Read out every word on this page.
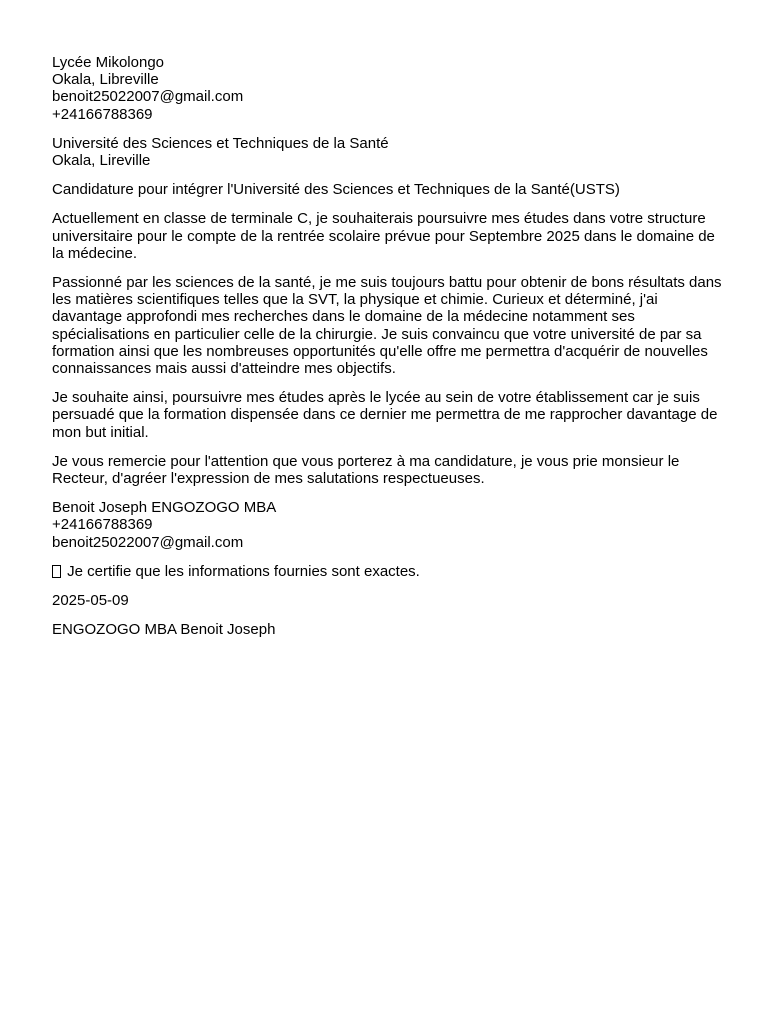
Lycée Mikolongo
Okala, Libreville
benoit25022007@gmail.com
+24166788369
Université des Sciences et Techniques de la Santé
Okala, Lireville

Candidature pour intégrer l'Université des Sciences et Techniques de la Santé(USTS)

Actuellement en classe de terminale C, je souhaiterais poursuivre mes études dans votre structure universitaire pour le compte de la rentrée scolaire prévue pour Septembre 2025 dans le domaine de la médecine.

Passionné par les sciences de la santé, je me suis toujours battu pour obtenir de bons résultats dans les matières scientifiques telles que la SVT, la physique et chimie. Curieux et déterminé, j'ai davantage approfondi mes recherches dans le domaine de la médecine notamment ses spécialisations en particulier celle de la chirurgie. Je suis convaincu que votre université de par sa formation ainsi que les nombreuses opportunités qu'elle offre me permettra d'acquérir de nouvelles connaissances mais aussi d'atteindre mes objectifs.

Je souhaite ainsi, poursuivre mes études après le lycée au sein de votre établissement car je suis persuadé que la formation dispensée dans ce dernier me permettra de me rapprocher davantage de mon but initial.

Je vous remercie pour l'attention que vous porterez à ma candidature, je vous prie monsieur le Recteur, d'agréer l'expression de mes salutations respectueuses.

Benoit Joseph ENGOZOGO MBA
+24166788369
benoit25022007@gmail.com

Je certifie que les informations fournies sont exactes.

2025-05-09

ENGOZOGO MBA Benoit Joseph
